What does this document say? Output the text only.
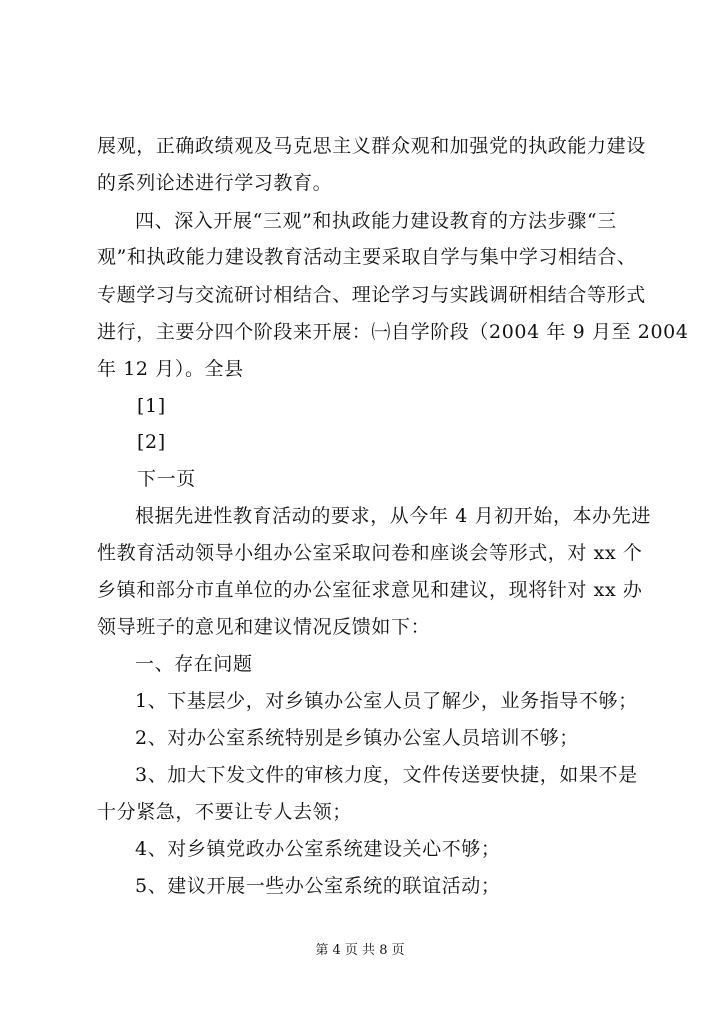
展观，正确政绩观及马克思主义群众观和加强党的执政能力建设
的系列论述进行学习教育。
四、深入开展“三观”和执政能力建设教育的方法步骤“三
观”和执政能力建设教育活动主要采取自学与集中学习相结合、
专题学习与交流研讨相结合、理论学习与实践调研相结合等形式
进行，主要分四个阶段来开展：㈠自学阶段（2004 年 9 月至 2004
年 12 月）。全县
[1]
[2]
下一页
根据先进性教育活动的要求，从今年 4 月初开始，本办先进
性教育活动领导小组办公室采取问卷和座谈会等形式，对 xx 个
乡镇和部分市直单位的办公室征求意见和建议，现将针对 xx 办
领导班子的意见和建议情况反馈如下：
一、存在问题
1、下基层少，对乡镇办公室人员了解少，业务指导不够；
2、对办公室系统特别是乡镇办公室人员培训不够；
3、加大下发文件的审核力度，文件传送要快捷，如果不是
十分紧急，不要让专人去领；
4、对乡镇党政办公室系统建设关心不够；
5、建议开展一些办公室系统的联谊活动；
第 4 页 共 8 页
